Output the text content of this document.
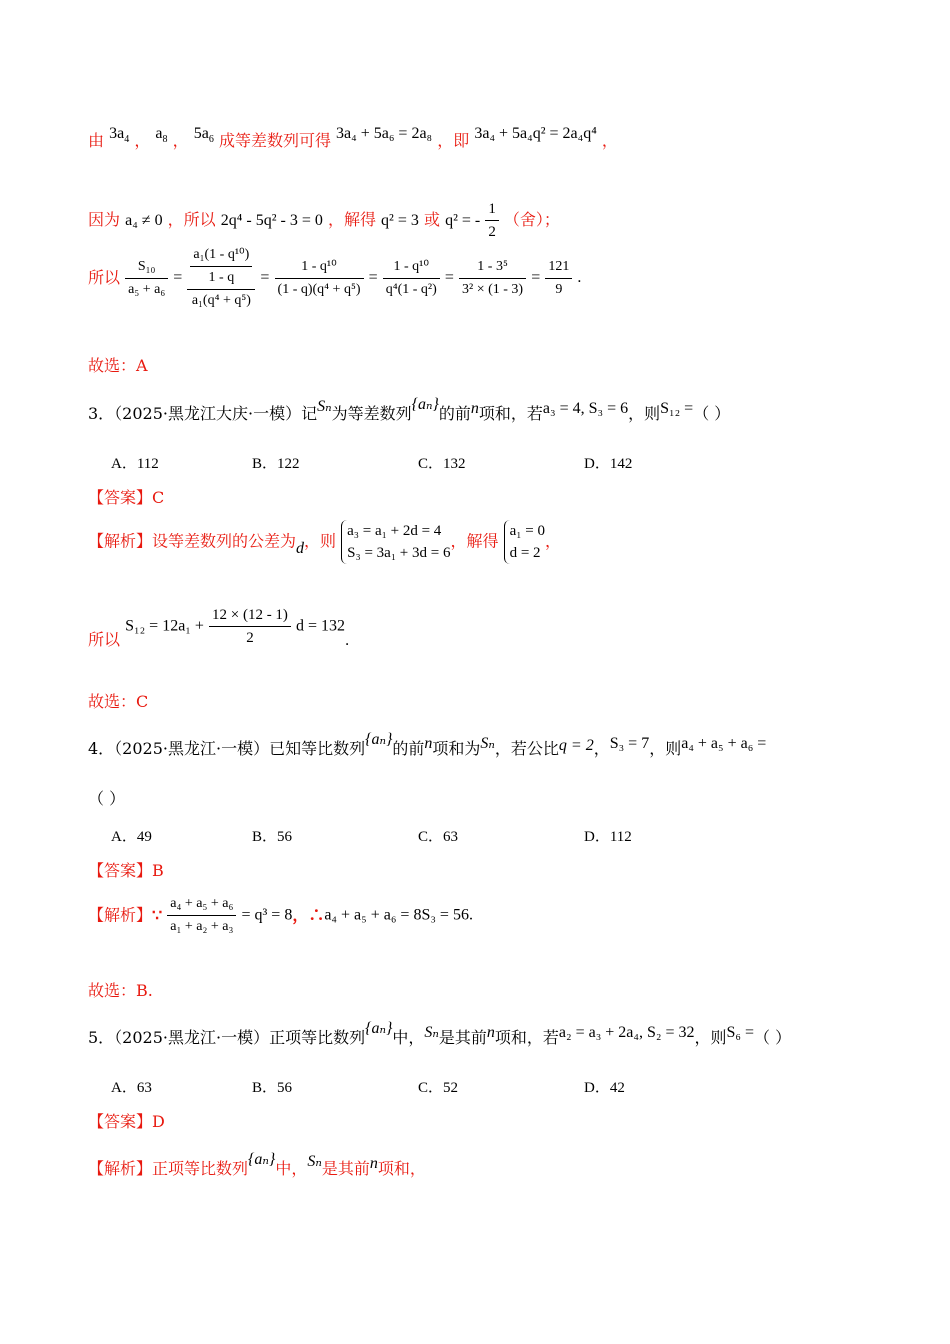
由 $3a_4$ ， $a_8$ ， $5a_6$ 成等差数列可得 3a₄ + 5a₆ = 2a₈ ，即 3a₄ + 5a₄q² = 2a₄q⁴ ，
因为 a₄ ≠ 0 ，所以 2q⁴ - 5q² - 3 = 0 ，解得 q² = 3 或 q² = - $\frac{1}{2}$ （舍）；
所以 $\frac{\text{S₁₀}}{\text{a₅ + a₆}} = \frac{\frac{\text{a₁(1 - q¹⁰)}}{1 - q}}{\text{a₁(q⁴ + q⁵)}} = \frac{\text{1 - q¹⁰}}{\text{(1 - q)(q⁴ + q⁵)}} = \frac{\text{1 - q¹⁰}}{\text{q⁴(1 - q²)}} = \frac{\text{1 - 3⁵}}{\text{3² × (1 - 3)}} = \frac{121}{9}$ .
故选：A
3．（2025·黑龙江大庆·一模）记Sₙ为等差数列{aₙ}的前n项和，若a₃ = 4, S₃ = 6，则S₁₂ =（ ）
A．112	B．122	C．132	D．142
【答案】C
【解析】设等差数列的公差为d，则
a₃ = a₁ + 2d = 4
S₃ = 3a₁ + 3d = 6
，解得
a₁ = 0
d = 2
，
所以 $S_{12} = 12a_1 + \frac{12 \times (12 - 1)}{2}$ d = 132.
故选：C
4．（2025·黑龙江·一模）已知等比数列{aₙ}的前n项和为Sₙ，若公比q = 2，S₃ = 7，则a₄ + a₅ + a₆ =
（ ）
A．49	B．56	C．63	D．112
【答案】B
【解析】∵ $\frac{\text{a₄ + a₅ + a₆}}{\text{a₁ + a₂ + a₃}} = q^3 = 8$，∴a₄ + a₅ + a₆ = 8S₃ = 56.
故选：B.
5．（2025·黑龙江·一模）正项等比数列{aₙ}中，Sₙ是其前n项和，若a₂ = a₃ + 2a₄, S₂ = 32，则S₆ =（ ）
A．63	B．56	C．52	D．42
【答案】D
【解析】正项等比数列{aₙ}中，Sₙ是其前n项和，
